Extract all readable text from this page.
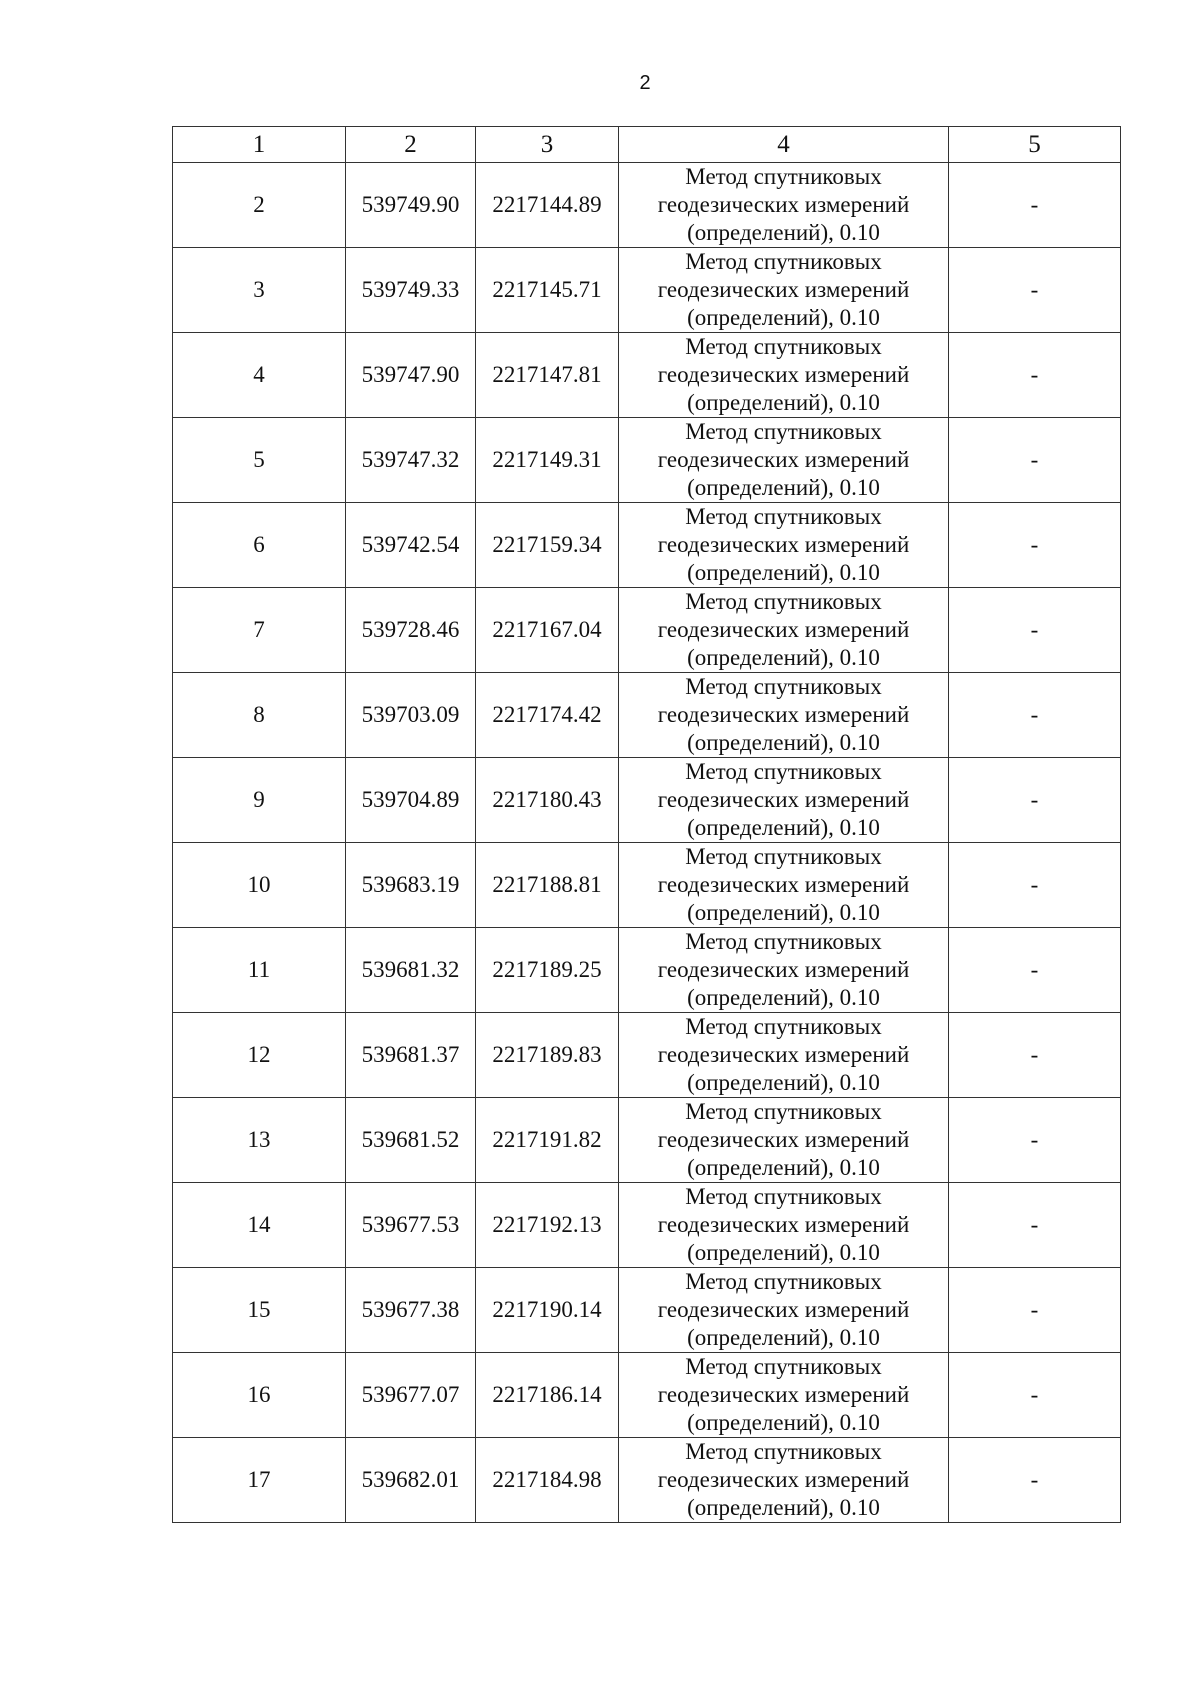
2
1	2	3	4	5
2	539749.90	2217144.89	Метод спутниковых
геодезических измерений
(определений), 0.10	-
3	539749.33	2217145.71	Метод спутниковых
геодезических измерений
(определений), 0.10	-
4	539747.90	2217147.81	Метод спутниковых
геодезических измерений
(определений), 0.10	-
5	539747.32	2217149.31	Метод спутниковых
геодезических измерений
(определений), 0.10	-
6	539742.54	2217159.34	Метод спутниковых
геодезических измерений
(определений), 0.10	-
7	539728.46	2217167.04	Метод спутниковых
геодезических измерений
(определений), 0.10	-
8	539703.09	2217174.42	Метод спутниковых
геодезических измерений
(определений), 0.10	-
9	539704.89	2217180.43	Метод спутниковых
геодезических измерений
(определений), 0.10	-
10	539683.19	2217188.81	Метод спутниковых
геодезических измерений
(определений), 0.10	-
11	539681.32	2217189.25	Метод спутниковых
геодезических измерений
(определений), 0.10	-
12	539681.37	2217189.83	Метод спутниковых
геодезических измерений
(определений), 0.10	-
13	539681.52	2217191.82	Метод спутниковых
геодезических измерений
(определений), 0.10	-
14	539677.53	2217192.13	Метод спутниковых
геодезических измерений
(определений), 0.10	-
15	539677.38	2217190.14	Метод спутниковых
геодезических измерений
(определений), 0.10	-
16	539677.07	2217186.14	Метод спутниковых
геодезических измерений
(определений), 0.10	-
17	539682.01	2217184.98	Метод спутниковых
геодезических измерений
(определений), 0.10	-
